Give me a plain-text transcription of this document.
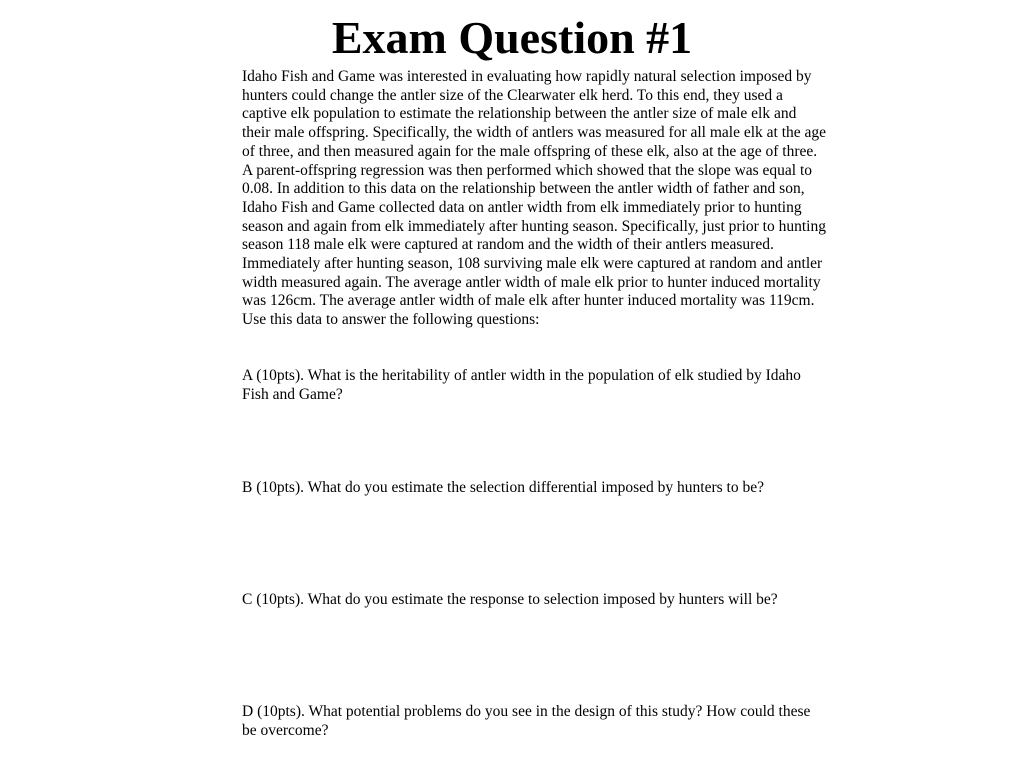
Exam Question #1

Idaho Fish and Game was interested in evaluating how rapidly natural selection imposed by hunters could change the antler size of the Clearwater elk herd. To this end, they used a captive elk population to estimate the relationship between the antler size of male elk and their male offspring. Specifically, the width of antlers was measured for all male elk at the age of three, and then measured again for the male offspring of these elk, also at the age of three. A parent-offspring regression was then performed which showed that the slope was equal to 0.08. In addition to this data on the relationship between the antler width of father and son, Idaho Fish and Game collected data on antler width from elk immediately prior to hunting season and again from elk immediately after hunting season. Specifically, just prior to hunting season 118 male elk were captured at random and the width of their antlers measured. Immediately after hunting season, 108 surviving male elk were captured at random and antler width measured again. The average antler width of male elk prior to hunter induced mortality was 126cm. The average antler width of male elk after hunter induced mortality was 119cm. Use this data to answer the following questions:

A (10pts). What is the heritability of antler width in the population of elk studied by Idaho Fish and Game?

B (10pts). What do you estimate the selection differential imposed by hunters to be?

C (10pts). What do you estimate the response to selection imposed by hunters will be?

D (10pts). What potential problems do you see in the design of this study? How could these be overcome?
